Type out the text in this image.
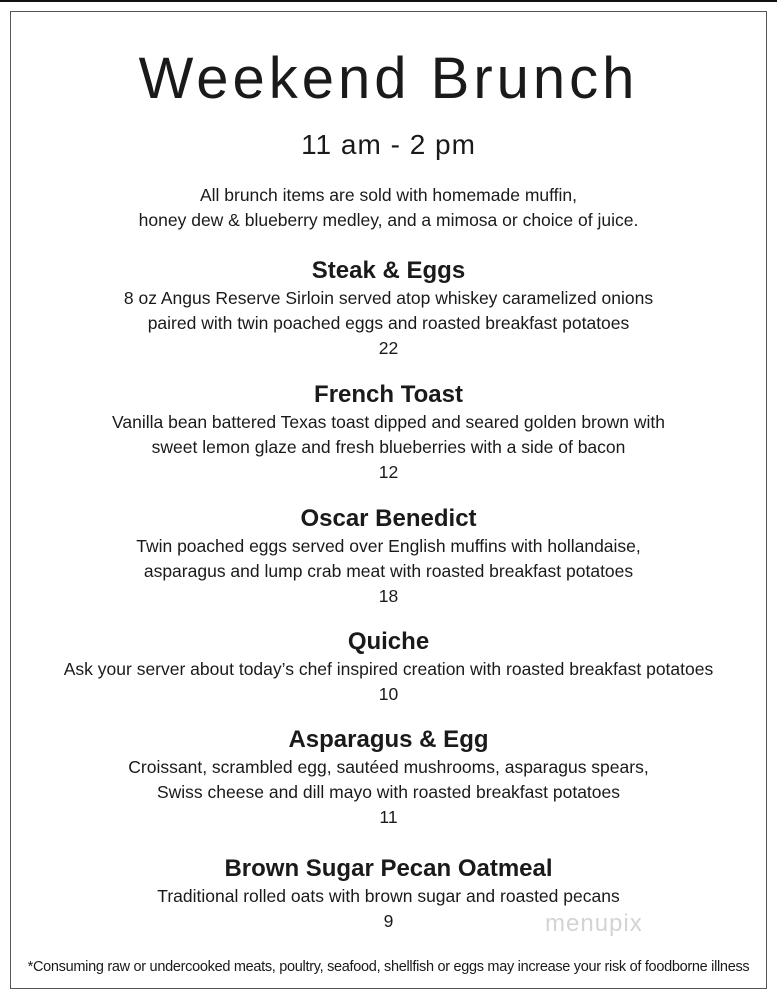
Weekend Brunch
11 am - 2 pm
All brunch items are sold with homemade muffin,
honey dew & blueberry medley, and a mimosa or choice of juice.
Steak & Eggs
8 oz Angus Reserve Sirloin served atop whiskey caramelized onions
paired with twin poached eggs and roasted breakfast potatoes
22
French Toast
Vanilla bean battered Texas toast dipped and seared golden brown with
sweet lemon glaze and fresh blueberries with a side of bacon
12
Oscar Benedict
Twin poached eggs served over English muffins with hollandaise,
asparagus and lump crab meat with roasted breakfast potatoes
18
Quiche
Ask your server about today’s chef inspired creation with roasted breakfast potatoes
10
Asparagus & Egg
Croissant, scrambled egg, sautéed mushrooms, asparagus spears,
Swiss cheese and dill mayo with roasted breakfast potatoes
11
Brown Sugar Pecan Oatmeal
Traditional rolled oats with brown sugar and roasted pecans
9	menupix
*Consuming raw or undercooked meats, poultry, seafood, shellfish or eggs may increase your risk of foodborne illness
